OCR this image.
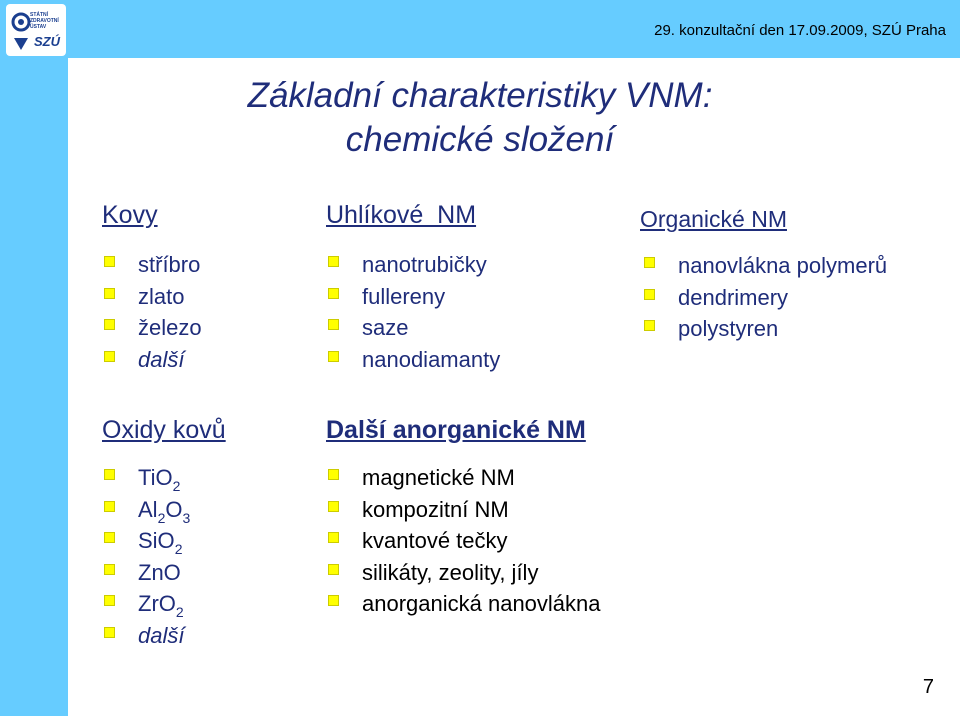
STÁTNÍ
ZDRAVOTNÍ
ÚSTAV
SZÚ
29. konzultační den 17.09.2009, SZÚ Praha
Základní charakteristiky VNM:
chemické složení
Kovy
stříbro
zlato
železo
další
Uhlíkové  NM
nanotrubičky
fullereny
saze
nanodiamanty
Organické NM
nanovlákna polymerů
dendrimery
polystyren
Oxidy kovů
TiO$_2$
$Al_2O_3$
SiO$_2$
ZnO
ZrO$_2$
další
Další anorganické NM
magnetické NM
kompozitní NM
kvantové tečky
silikáty, zeolity, jíly
anorganická nanovlákna
7
